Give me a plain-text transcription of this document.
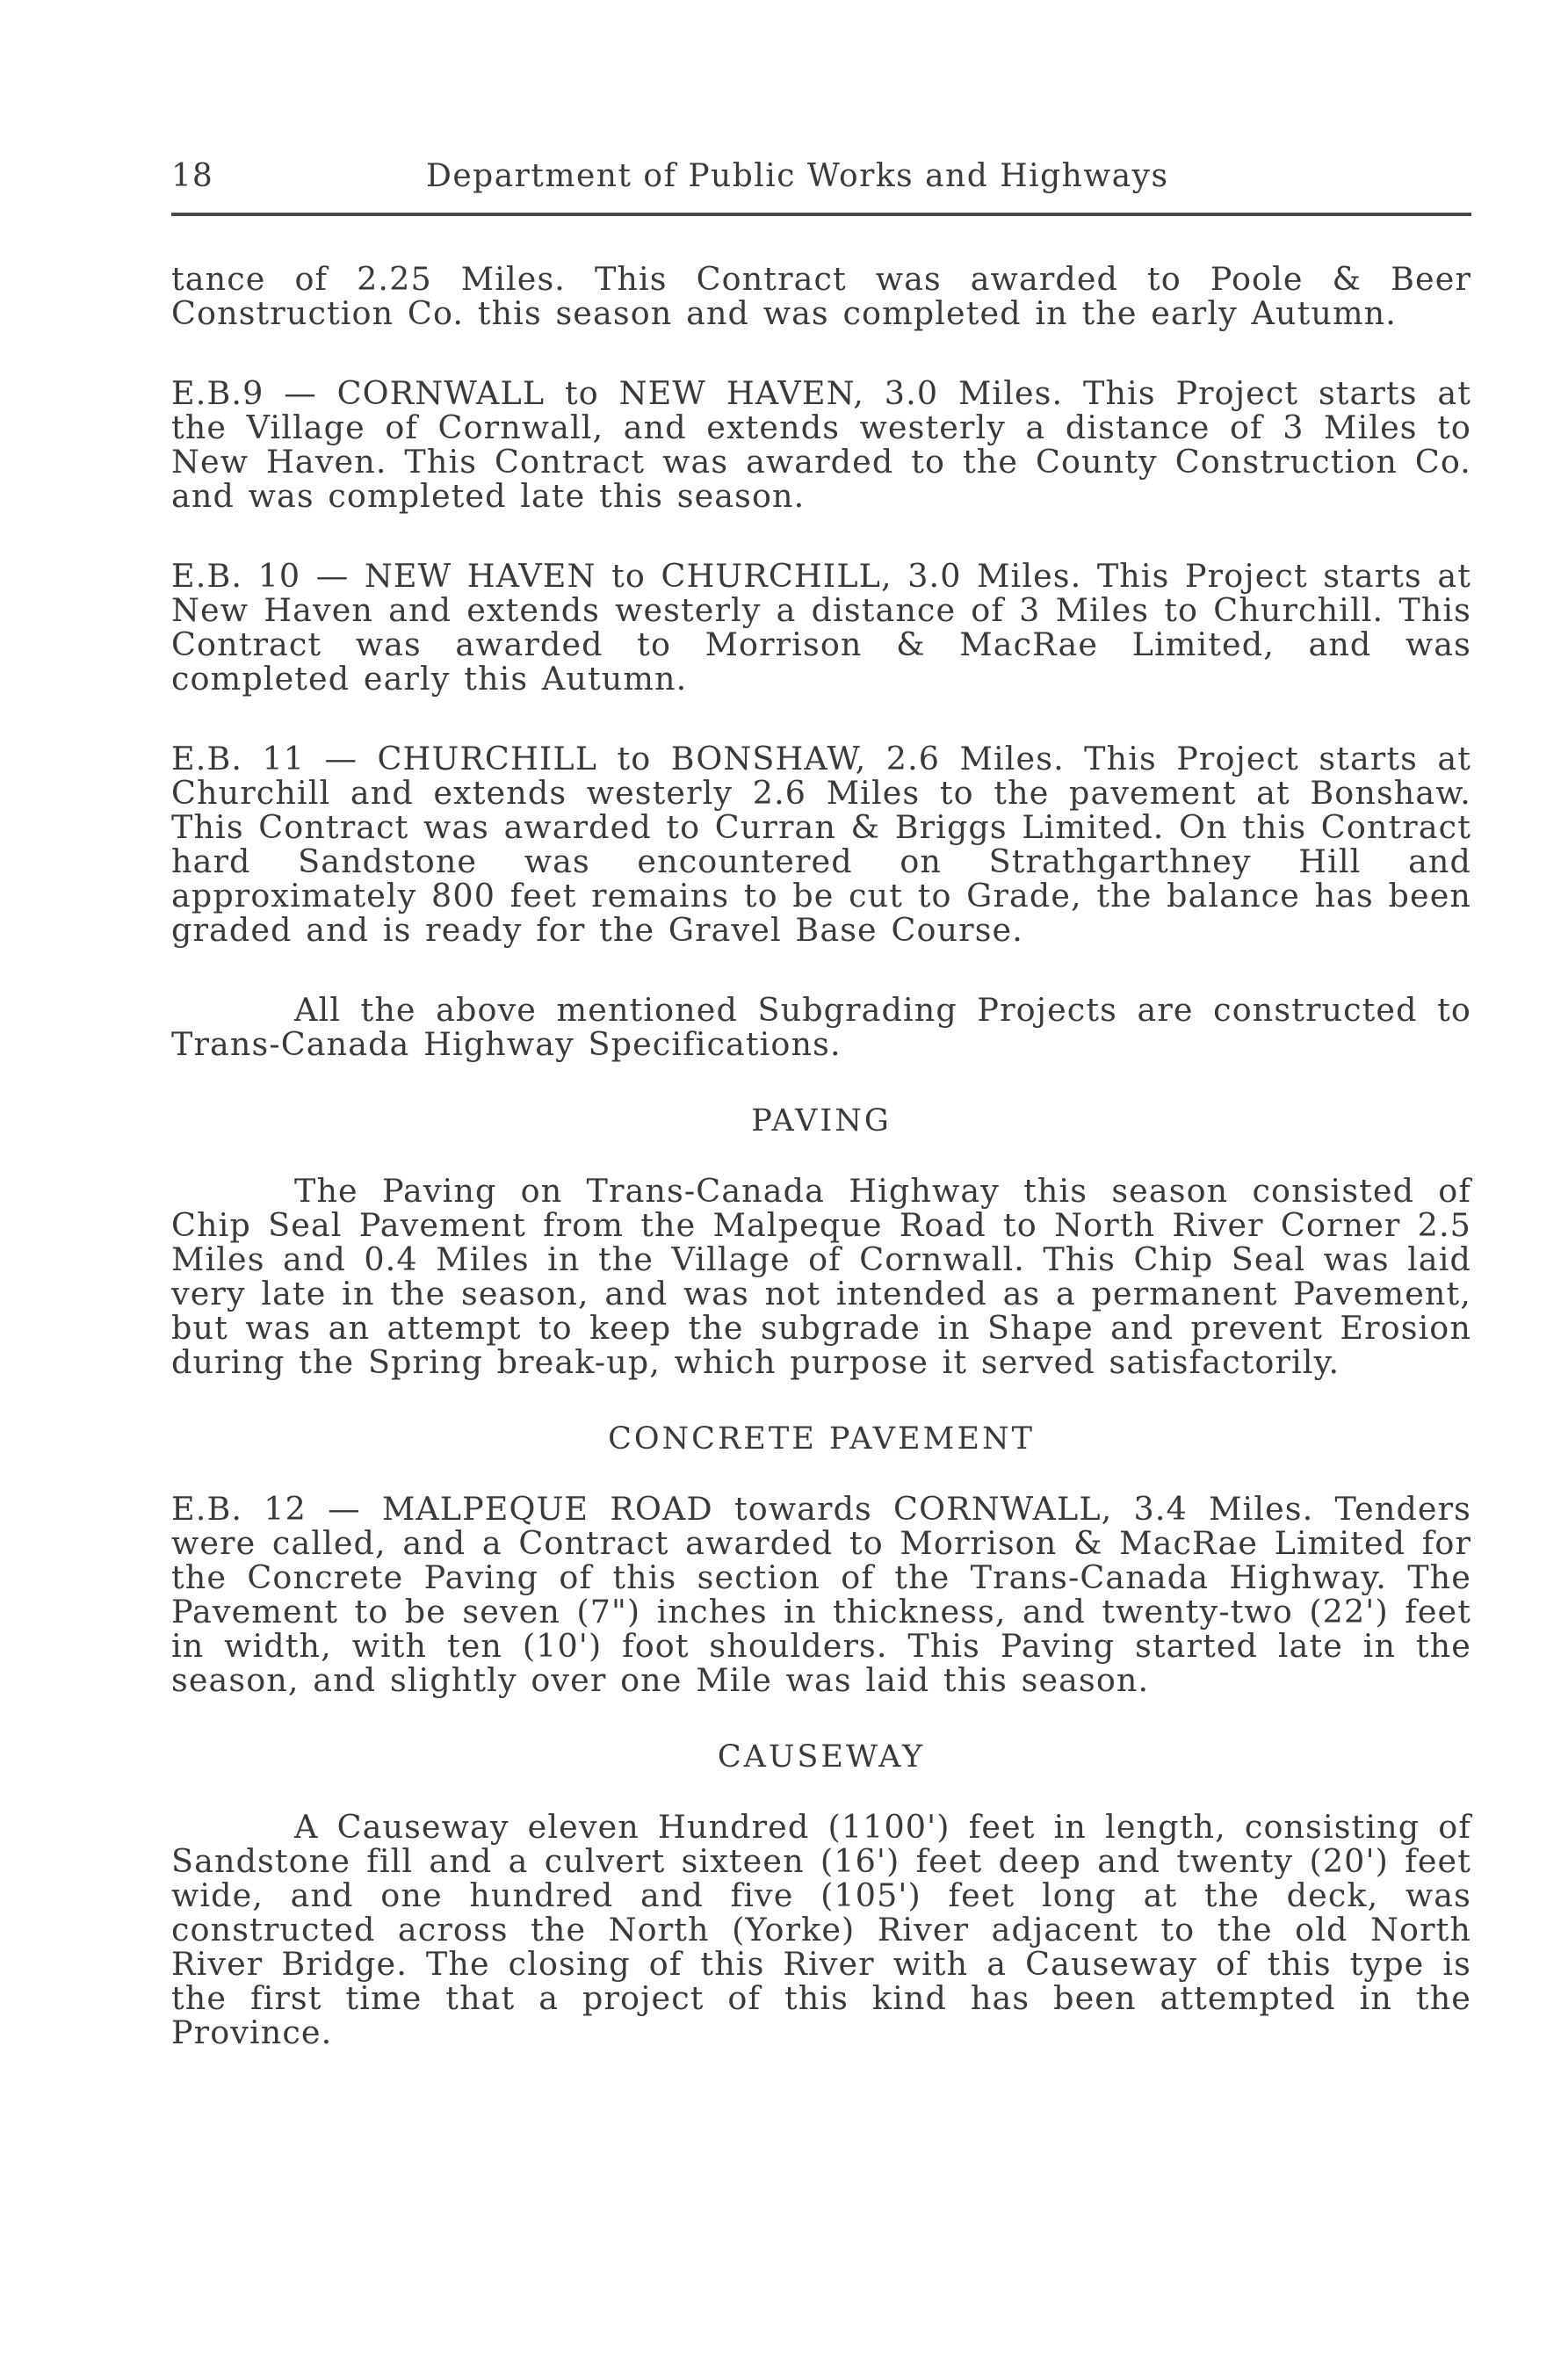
18	Department of Public Works and Highways

tance of 2.25 Miles. This Contract was awarded to Poole & Beer Construction Co. this season and was completed in the early Autumn.

E.B.9 — CORNWALL to NEW HAVEN, 3.0 Miles. This Project starts at the Village of Cornwall, and extends westerly a distance of 3 Miles to New Haven. This Contract was awarded to the County Construction Co. and was completed late this season.

E.B. 10 — NEW HAVEN to CHURCHILL, 3.0 Miles. This Project starts at New Haven and extends westerly a distance of 3 Miles to Churchill. This Contract was awarded to Morrison & MacRae Limited, and was completed early this Autumn.

E.B. 11 — CHURCHILL to BONSHAW, 2.6 Miles. This Project starts at Churchill and extends westerly 2.6 Miles to the pavement at Bonshaw. This Contract was awarded to Curran & Briggs Limited. On this Contract hard Sandstone was encountered on Strathgarthney Hill and approximately 800 feet remains to be cut to Grade, the balance has been graded and is ready for the Gravel Base Course.

All the above mentioned Subgrading Projects are constructed to Trans-Canada Highway Specifications.

PAVING

The Paving on Trans-Canada Highway this season consisted of Chip Seal Pavement from the Malpeque Road to North River Corner 2.5 Miles and 0.4 Miles in the Village of Cornwall. This Chip Seal was laid very late in the season, and was not intended as a permanent Pavement, but was an attempt to keep the subgrade in Shape and prevent Erosion during the Spring break-up, which purpose it served satisfactorily.

CONCRETE PAVEMENT

E.B. 12 — MALPEQUE ROAD towards CORNWALL, 3.4 Miles. Tenders were called, and a Contract awarded to Morrison & MacRae Limited for the Concrete Paving of this section of the Trans-Canada Highway. The Pavement to be seven (7") inches in thickness, and twenty-two (22') feet in width, with ten (10') foot shoulders. This Paving started late in the season, and slightly over one Mile was laid this season.

CAUSEWAY

A Causeway eleven Hundred (1100') feet in length, consisting of Sandstone fill and a culvert sixteen (16') feet deep and twenty (20') feet wide, and one hundred and five (105') feet long at the deck, was constructed across the North (Yorke) River adjacent to the old North River Bridge. The closing of this River with a Causeway of this type is the first time that a project of this kind has been attempted in the Province.
